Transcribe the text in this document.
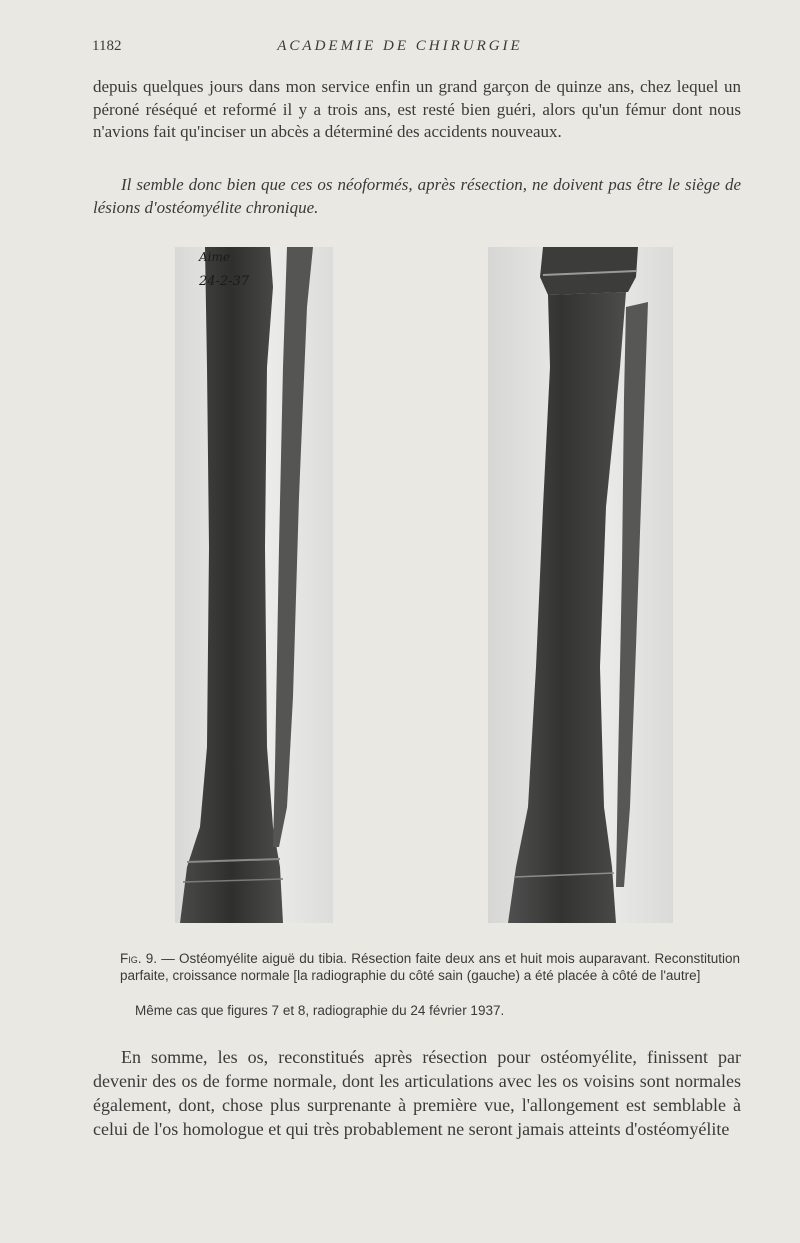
1182	ACADEMIE DE CHIRURGIE

depuis quelques jours dans mon service enfin un grand garçon de quinze ans, chez lequel un péroné réséqué et reformé il y a trois ans, est resté bien guéri, alors qu'un fémur dont nous n'avions fait qu'inciser un abcès a déterminé des accidents nouveaux.

Il semble donc bien que ces os néoformés, après résection, ne doivent pas être le siège de lésions d'ostéomyélite chronique.

Aime
24-2-37

Fig. 9. — Ostéomyélite aiguë du tibia. Résection faite deux ans et huit mois auparavant. Reconstitution parfaite, croissance normale [la radiographie du côté sain (gauche) a été placée à côté de l'autre]

Même cas que figures 7 et 8, radiographie du 24 février 1937.

En somme, les os, reconstitués après résection pour ostéomyélite, finissent par devenir des os de forme normale, dont les articulations avec les os voisins sont normales également, dont, chose plus surprenante à première vue, l'allongement est semblable à celui de l'os homologue et qui très probablement ne seront jamais atteints d'ostéomyélite
